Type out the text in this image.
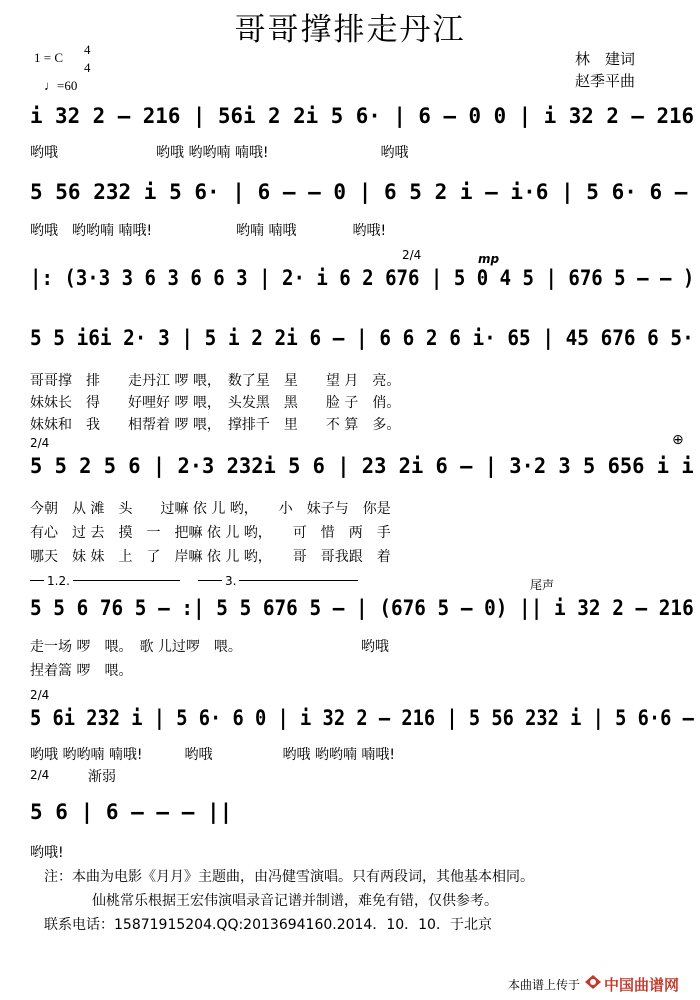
哥哥撑排走丹江
1 = C
4
4
♩=60
林　建词
赵季平曲
i 32 2 – 216 | 56i 2 2i 5 6· | 6 – 0 0 | i 32 2 – 216
哟哦　　　　　　　哟哦 哟哟喃 喃哦!　　　　　　　　哟哦
5 56 232 i 5 6· | 6 – – 0 | 6 5 2 i – i·6 | 5 6· 6 –
哟哦　哟哟喃 喃哦!　　　　　　哟喃 喃哦　　　　哟哦!
2/4	mp
|: (3·3 3 6 3 6 6 3 | 2· i 6 2 676 | 5 0 4 5 | 676 5 – – )
5 5 i6i 2· 3 | 5 i 2 2i 6 – | 6 6 2 6 i· 65 | 45 676 6 5·
哥哥撑　排　　走丹江 啰 喂，　数了星　星　　望 月　亮。
妹妹长　得　　好哩好 啰 喂，　头发黑　黑　　脸 子　俏。
妹妹和　我　　相帮着 啰 喂，　撑排千　里　　不 算　多。
2/4	⊕
5 5 2 5 6 | 2·3 232i 5 6 | 23 2i 6 – | 3·2 3 5 656 i i
今朝　从 滩　头　　过嘛 依 儿 哟，　　小　妹子与　你是
有心　过 去　摸　一　把嘛 依 儿 哟，　　可　惜　两　手
哪天　妹 妹　上　了　岸嘛 依 儿 哟，　　哥　哥我跟　着
1.2.	3.	尾声
5 5 6 76 5 – :| 5 5 676 5 – | (676 5 – 0) || i 32 2 – 216
走一场 啰　喂。　歌 儿过啰　喂。　　　　　　　　　哟哦
捏着篙 啰　喂。
2/4
5 6i 232 i | 5 6· 6 0 | i 32 2 – 216 | 5 56 232 i | 5 6·6 –
哟哦 哟哟喃 喃哦!　　　哟哦　　　　　哟哦 哟哟喃 喃哦!
2/4	渐弱
5 6 | 6 – – – ||
哟哦!
注：本曲为电影《月月》主题曲，由冯健雪演唱。只有两段词，其他基本相同。
仙桃常乐根据王宏伟演唱录音记谱并制谱，难免有错，仅供参考。
联系电话：15871915204.QQ:2013694160.2014．10．10．于北京
本曲谱上传于 中国曲谱网
